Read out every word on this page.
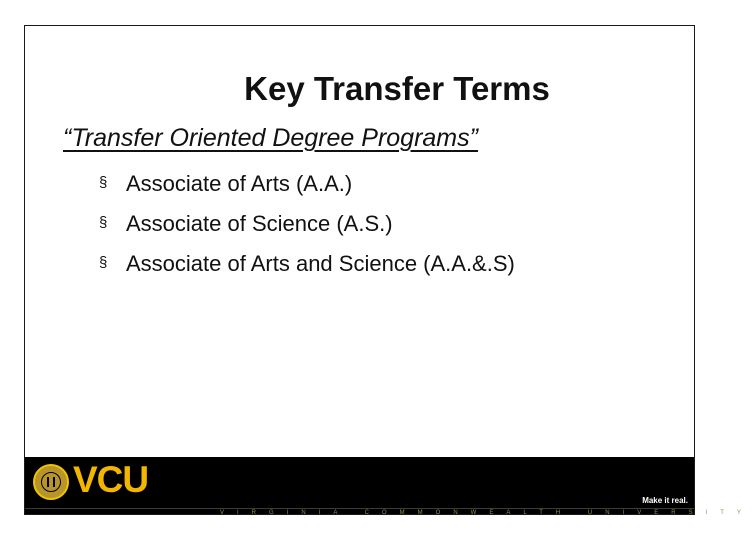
Key Transfer Terms
“Transfer Oriented Degree Programs”
§ Associate of Arts (A.A.)
§ Associate of Science (A.S.)
§ Associate of Arts and Science (A.A.&.S)
VCU
Make it real.
VIRGINIA COMMONWEALTH UNIVERSITY
